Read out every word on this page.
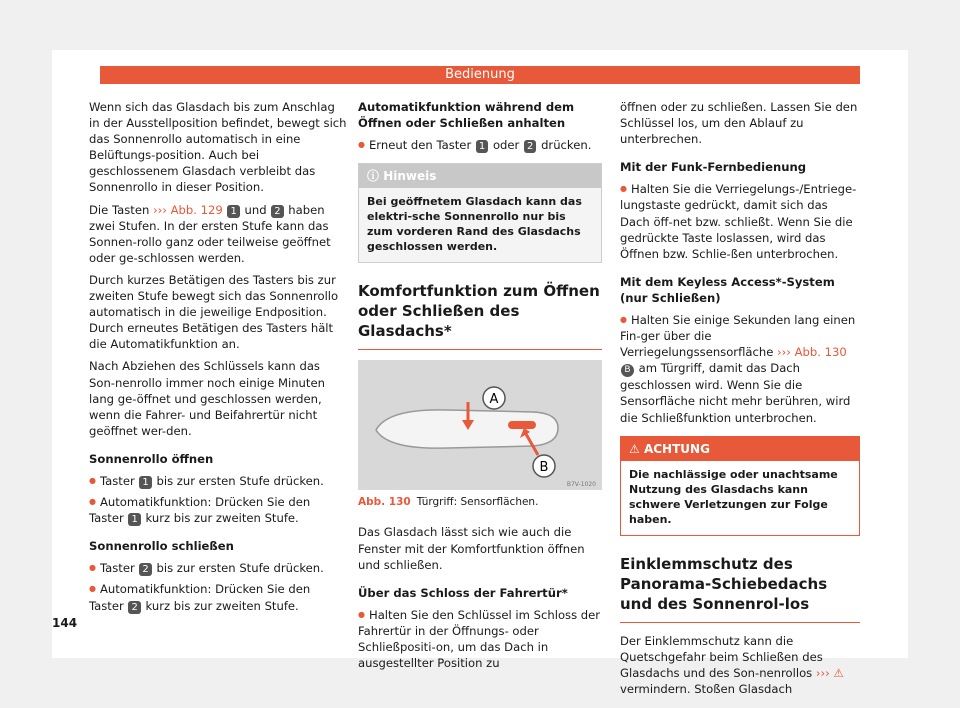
Bedienung

Wenn sich das Glasdach bis zum Anschlag in der Ausstellposition befindet, bewegt sich das Sonnenrollo automatisch in eine Belüftungs-position. Auch bei geschlossenem Glasdach verbleibt das Sonnenrollo in dieser Position.

Die Tasten ››› Abb. 129 1 und 2 haben zwei Stufen. In der ersten Stufe kann das Sonnen-rollo ganz oder teilweise geöffnet oder ge-schlossen werden.

Durch kurzes Betätigen des Tasters bis zur zweiten Stufe bewegt sich das Sonnenrollo automatisch in die jeweilige Endposition. Durch erneutes Betätigen des Tasters hält die Automatikfunktion an.

Nach Abziehen des Schlüssels kann das Son-nenrollo immer noch einige Minuten lang ge-öffnet und geschlossen werden, wenn die Fahrer- und Beifahrertür nicht geöffnet wer-den.

Sonnenrollo öffnen
● Taster 1 bis zur ersten Stufe drücken.
● Automatikfunktion: Drücken Sie den Taster 1 kurz bis zur zweiten Stufe.
Sonnenrollo schließen
● Taster 2 bis zur ersten Stufe drücken.
● Automatikfunktion: Drücken Sie den Taster 2 kurz bis zur zweiten Stufe.
Automatikfunktion während dem Öffnen oder Schließen anhalten
● Erneut den Taster 1 oder 2 drücken.
ⓘ Hinweis
Bei geöffnetem Glasdach kann das elektri-sche Sonnenrollo nur bis zum vorderen Rand des Glasdachs geschlossen werden.
Komfortfunktion zum Öffnen oder Schließen des Glasdachs*
A
B
B7V-1020
Abb. 130 Türgriff: Sensorflächen.

Das Glasdach lässt sich wie auch die Fenster mit der Komfortfunktion öffnen und schließen.

Über das Schloss der Fahrertür*
● Halten Sie den Schlüssel im Schloss der Fahrertür in der Öffnungs- oder Schließpositi-on, um das Dach in ausgestellter Position zu

öffnen oder zu schließen. Lassen Sie den Schlüssel los, um den Ablauf zu unterbrechen.

Mit der Funk-Fernbedienung
● Halten Sie die Verriegelungs-/Entriege-lungstaste gedrückt, damit sich das Dach öff-net bzw. schließt. Wenn Sie die gedrückte Taste loslassen, wird das Öffnen bzw. Schlie-ßen unterbrochen.
Mit dem Keyless Access*-System (nur Schließen)
● Halten Sie einige Sekunden lang einen Fin-ger über die Verriegelungssensorfläche ››› Abb. 130 B am Türgriff, damit das Dach geschlossen wird. Wenn Sie die Sensorfläche nicht mehr berühren, wird die Schließfunktion unterbrochen.
⚠ ACHTUNG
Die nachlässige oder unachtsame Nutzung des Glasdachs kann schwere Verletzungen zur Folge haben.
Einklemmschutz des Panorama-Schiebedachs und des Sonnenrol-los

Der Einklemmschutz kann die Quetschgefahr beim Schließen des Glasdachs und des Son-nenrollos ››› ⚠ vermindern. Stoßen Glasdach

144
